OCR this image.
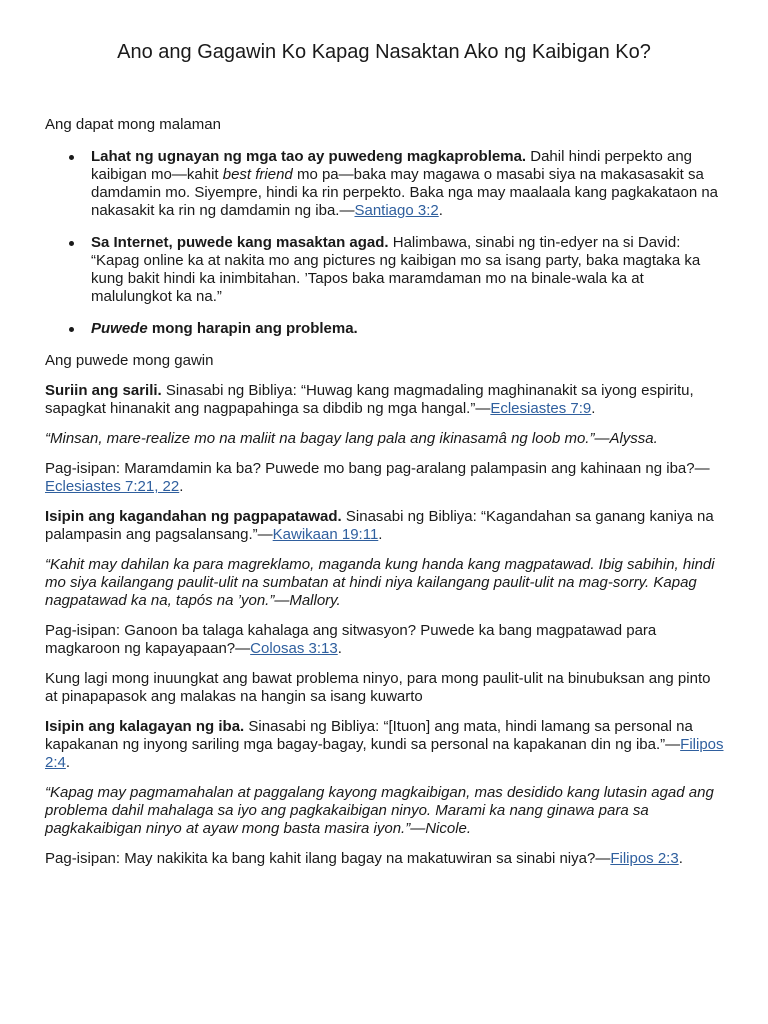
Ano ang Gagawin Ko Kapag Nasaktan Ako ng Kaibigan Ko?

Ang dapat mong malaman

Lahat ng ugnayan ng mga tao ay puwedeng magkaproblema. Dahil hindi perpekto ang kaibigan mo—kahit best friend mo pa—baka may magawa o masabi siya na makasasakit sa damdamin mo. Siyempre, hindi ka rin perpekto. Baka nga may maalaala kang pagkakataon na nakasakit ka rin ng damdamin ng iba.—Santiago 3:2.
Sa Internet, puwede kang masaktan agad. Halimbawa, sinabi ng tin-edyer na si David: “Kapag online ka at nakita mo ang pictures ng kaibigan mo sa isang party, baka magtaka ka kung bakit hindi ka inimbitahan. ’Tapos baka maramdaman mo na binale-wala ka at malulungkot ka na.”
Puwede mong harapin ang problema.

Ang puwede mong gawin

Suriin ang sarili. Sinasabi ng Bibliya: “Huwag kang magmadaling maghinanakit sa iyong espiritu, sapagkat hinanakit ang nagpapahinga sa dibdib ng mga hangal.”—Eclesiastes 7:9.

“Minsan, mare-realize mo na maliit na bagay lang pala ang ikinasamâ ng loob mo.”—Alyssa.

Pag-isipan: Maramdamin ka ba? Puwede mo bang pag-aralang palampasin ang kahinaan ng iba?—Eclesiastes 7:21, 22.

Isipin ang kagandahan ng pagpapatawad. Sinasabi ng Bibliya: “Kagandahan sa ganang kaniya na palampasin ang pagsalansang.”—Kawikaan 19:11.

“Kahit may dahilan ka para magreklamo, maganda kung handa kang magpatawad. Ibig sabihin, hindi mo siya kailangang paulit-ulit na sumbatan at hindi niya kailangang paulit-ulit na mag-sorry. Kapag nagpatawad ka na, tapós na ’yon.”—Mallory.

Pag-isipan: Ganoon ba talaga kahalaga ang sitwasyon? Puwede ka bang magpatawad para magkaroon ng kapayapaan?—Colosas 3:13.

Kung lagi mong inuungkat ang bawat problema ninyo, para mong paulit-ulit na binubuksan ang pinto at pinapapasok ang malakas na hangin sa isang kuwarto

Isipin ang kalagayan ng iba. Sinasabi ng Bibliya: “[Ituon] ang mata, hindi lamang sa personal na kapakanan ng inyong sariling mga bagay-bagay, kundi sa personal na kapakanan din ng iba.”—Filipos 2:4.

“Kapag may pagmamahalan at paggalang kayong magkaibigan, mas desidido kang lutasin agad ang problema dahil mahalaga sa iyo ang pagkakaibigan ninyo. Marami ka nang ginawa para sa pagkakaibigan ninyo at ayaw mong basta masira iyon.”—Nicole.

Pag-isipan: May nakikita ka bang kahit ilang bagay na makatuwiran sa sinabi niya?—Filipos 2:3.
